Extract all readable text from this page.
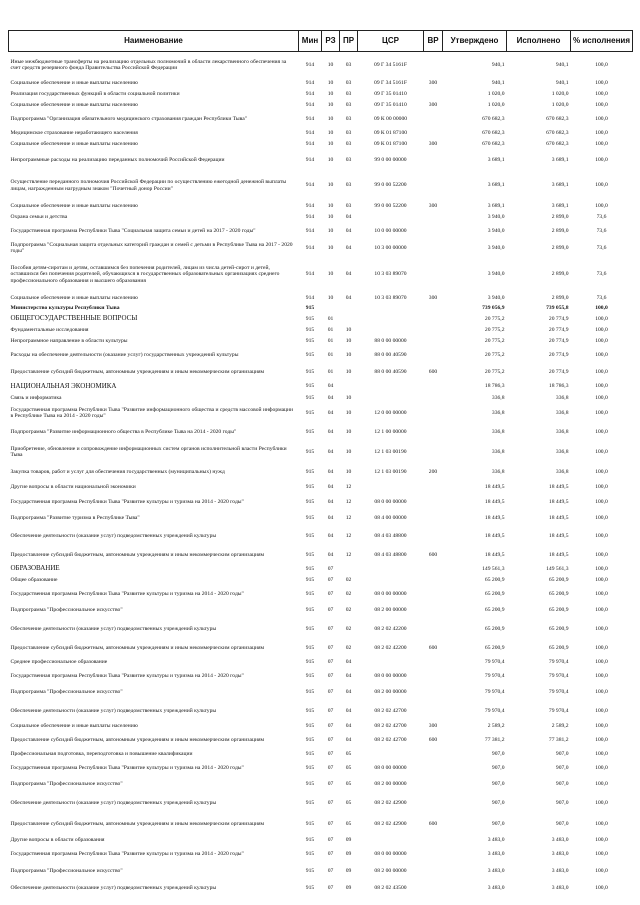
Наименование	Мин	РЗ	ПР	ЦСР	ВР	Утверждено	Исполнено	% исполнения
Иные межбюджетные трансферты на реализацию отдельных полномочий в области лекарственного обеспечения за счет средств резервного фонда Правительства Российской Федерации	914	10	03	09 Г 34 5161F		940,1	940,1	100,0
Социальное обеспечение и иные выплаты населению	914	10	03	09 Г 34 5161F	300	940,1	940,1	100,0
Реализация государственных функций в области социальной политики	914	10	03	09 Г 35 01410		1 020,0	1 020,0	100,0
Социальное обеспечение и иные выплаты населению	914	10	03	09 Г 35 01410	300	1 020,0	1 020,0	100,0
Подпрограмма "Организация обязательного медицинского страхования граждан Республики Тыва"	914	10	03	09 К 00 00000		670 682,3	670 682,3	100,0
Медицинское страхование неработающего населения	914	10	03	09 К 01 87100		670 682,3	670 682,3	100,0
Социальное обеспечение и иные выплаты населению	914	10	03	09 К 01 87100	300	670 682,3	670 682,3	100,0
Непрограммные расходы на реализацию переданных полномочий Российской Федерации	914	10	03	99 0 00 00000		3 689,1	3 689,1	100,0
Осуществление переданного полномочия Российской Федерации по осуществлению ежегодной денежной выплаты лицам, награжденным нагрудным знаком "Почетный донор России"	914	10	03	99 0 00 52200		3 689,1	3 689,1	100,0
Социальное обеспечение и иные выплаты населению	914	10	03	99 0 00 52200	300	3 689,1	3 689,1	100,0
Охрана семьи и детства	914	10	04			3 940,0	2 899,0	73,6
Государственная программа Республики Тыва "Социальная защита семьи и детей на 2017 - 2020 годы"	914	10	04	10 0 00 00000		3 940,0	2 899,0	73,6
Подпрограмма "Социальная защита отдельных категорий граждан и семей с детьми в Республике Тыва на 2017 - 2020 годы"	914	10	04	10 3 00 00000		3 940,0	2 899,0	73,6
Пособия детям-сиротам и детям, оставшимся без попечения родителей, лицам из числа детей-сирот и детей, оставшихся без попечения родителей, обучающихся в государственных образовательных организациях среднего профессионального образования и высшего образования	914	10	04	10 3 03 89070		3 940,0	2 899,0	73,6
Социальное обеспечение и иные выплаты населению	914	10	04	10 3 03 89070	300	3 940,0	2 899,0	73,6
Министерство культуры Республики Тыва	915					739 056,9	739 055,8	100,0
ОБЩЕГОСУДАРСТВЕННЫЕ ВОПРОСЫ	915	01				20 775,2	20 774,9	100,0
Фундаментальные исследования	915	01	10			20 775,2	20 774,9	100,0
Непрограммное направление в области культуры	915	01	10	88 0 00 00000		20 775,2	20 774,9	100,0
Расходы на обеспечение деятельности (оказание услуг) государственных учреждений культуры	915	01	10	88 0 00 40590		20 775,2	20 774,9	100,0
Предоставление субсидий бюджетным, автономным учреждениям и иным некоммерческим организациям	915	01	10	88 0 00 40590	600	20 775,2	20 774,9	100,0
НАЦИОНАЛЬНАЯ ЭКОНОМИКА	915	04				18 786,3	18 786,3	100,0
Связь и информатика	915	04	10			336,8	336,8	100,0
Государственная программа Республики Тыва "Развитие информационного общества и средств массовой информации в Республике Тыва на 2014 - 2020 годы"	915	04	10	12 0 00 00000		336,8	336,8	100,0
Подпрограмма "Развитие информационного общества в Республике Тыва на 2014 - 2020 годы"	915	04	10	12 1 00 00000		336,8	336,8	100,0
Приобретение, обновление и сопровождение информационных систем органов исполнительной власти Республики Тыва	915	04	10	12 1 03 00190		336,8	336,8	100,0
Закупка товаров, работ и услуг для обеспечения государственных (муниципальных) нужд	915	04	10	12 1 03 00190	200	336,8	336,8	100,0
Другие вопросы в области национальной экономики	915	04	12			18 449,5	18 449,5	100,0
Государственная программа Республики Тыва "Развитие культуры и туризма на 2014 - 2020 годы"	915	04	12	08 0 00 00000		18 449,5	18 449,5	100,0
Подпрограмма "Развитие туризма в Республике Тыва"	915	04	12	08 4 00 00000		18 449,5	18 449,5	100,0
Обеспечение деятельности (оказание услуг) подведомственных учреждений культуры	915	04	12	08 4 03 48800		18 449,5	18 449,5	100,0
Предоставление субсидий бюджетным, автономным учреждениям и иным некоммерческим организациям	915	04	12	08 4 03 48800	600	18 449,5	18 449,5	100,0
ОБРАЗОВАНИЕ	915	07				149 561,3	149 561,3	100,0
Общее образование	915	07	02			65 200,9	65 200,9	100,0
Государственная программа Республики Тыва "Развитие культуры и туризма на 2014 - 2020 годы"	915	07	02	08 0 00 00000		65 200,9	65 200,9	100,0
Подпрограмма "Профессиональное искусство"	915	07	02	08 2 00 00000		65 200,9	65 200,9	100,0
Обеспечение деятельности (оказание услуг) подведомственных учреждений культуры	915	07	02	08 2 02 42200		65 200,9	65 200,9	100,0
Предоставление субсидий бюджетным, автономным учреждениям и иным некоммерческим организациям	915	07	02	08 2 02 42200	600	65 200,9	65 200,9	100,0
Среднее профессиональное образование	915	07	04			79 970,4	79 970,4	100,0
Государственная программа Республики Тыва "Развитие культуры и туризма на 2014 - 2020 годы"	915	07	04	08 0 00 00000		79 970,4	79 970,4	100,0
Подпрограмма "Профессиональное искусство"	915	07	04	08 2 00 00000		79 970,4	79 970,4	100,0
Обеспечение деятельности (оказание услуг) подведомственных учреждений культуры	915	07	04	08 2 02 42700		79 970,4	79 970,4	100,0
Социальное обеспечение и иные выплаты населению	915	07	04	08 2 02 42700	300	2 589,2	2 589,2	100,0
Предоставление субсидий бюджетным, автономным учреждениям и иным некоммерческим организациям	915	07	04	08 2 02 42700	600	77 381,2	77 381,2	100,0
Профессиональная подготовка, переподготовка и повышение квалификации	915	07	05			907,0	907,0	100,0
Государственная программа Республики Тыва "Развитие культуры и туризма на 2014 - 2020 годы"	915	07	05	08 0 00 00000		907,0	907,0	100,0
Подпрограмма "Профессиональное искусство"	915	07	05	08 2 00 00000		907,0	907,0	100,0
Обеспечение деятельности (оказание услуг) подведомственных учреждений культуры	915	07	05	08 2 02 42900		907,0	907,0	100,0
Предоставление субсидий бюджетным, автономным учреждениям и иным некоммерческим организациям	915	07	05	08 2 02 42900	600	907,0	907,0	100,0
Другие вопросы в области образования	915	07	09			3 483,0	3 483,0	100,0
Государственная программа Республики Тыва "Развитие культуры и туризма на 2014 - 2020 годы"	915	07	09	08 0 00 00000		3 483,0	3 483,0	100,0
Подпрограмма "Профессиональное искусство"	915	07	09	08 2 00 00000		3 483,0	3 483,0	100,0
Обеспечение деятельности (оказание услуг) подведомственных учреждений культуры	915	07	09	08 2 02 43500		3 483,0	3 483,0	100,0
